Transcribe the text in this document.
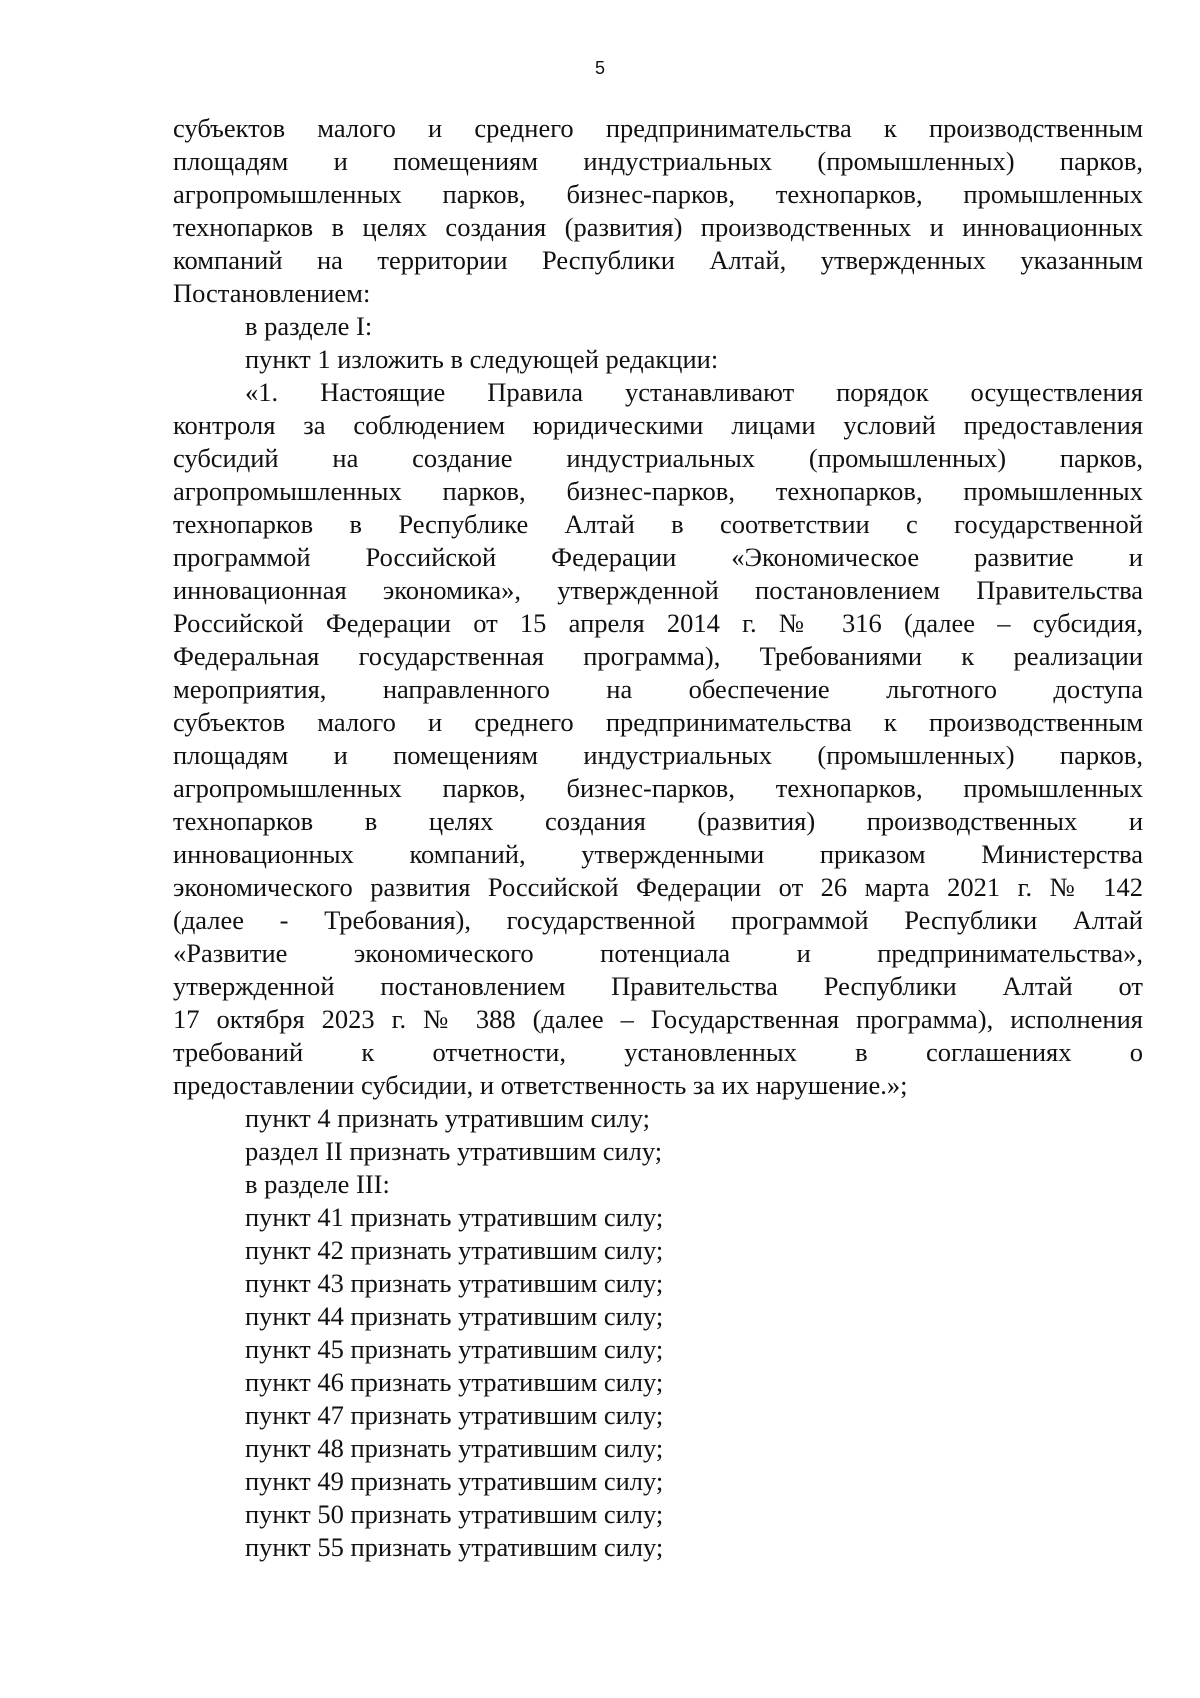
5
субъектов малого и среднего предпринимательства к производственным
площадям и помещениям индустриальных (промышленных) парков,
агропромышленных парков, бизнес-парков, технопарков, промышленных
технопарков в целях создания (развития) производственных и инновационных
компаний на территории Республики Алтай, утвержденных указанным
Постановлением:
в разделе I:
пункт 1 изложить в следующей редакции:
«1. Настоящие Правила устанавливают порядок осуществления
контроля за соблюдением юридическими лицами условий предоставления
субсидий на создание индустриальных (промышленных) парков,
агропромышленных парков, бизнес-парков, технопарков, промышленных
технопарков в Республике Алтай в соответствии с государственной
программой Российской Федерации «Экономическое развитие и
инновационная экономика», утвержденной постановлением Правительства
Российской Федерации от 15 апреля 2014 г. № 316 (далее – субсидия,
Федеральная государственная программа), Требованиями к реализации
мероприятия, направленного на обеспечение льготного доступа
субъектов малого и среднего предпринимательства к производственным
площадям и помещениям индустриальных (промышленных) парков,
агропромышленных парков, бизнес-парков, технопарков, промышленных
технопарков в целях создания (развития) производственных и
инновационных компаний, утвержденными приказом Министерства
экономического развития Российской Федерации от 26 марта 2021 г. № 142
(далее - Требования), государственной программой Республики Алтай
«Развитие экономического потенциала и предпринимательства»,
утвержденной постановлением Правительства Республики Алтай от
17 октября 2023 г. № 388 (далее – Государственная программа), исполнения
требований к отчетности, установленных в соглашениях о
предоставлении субсидии, и ответственность за их нарушение.»;
пункт 4 признать утратившим силу;
раздел II признать утратившим силу;
в разделе III:
пункт 41 признать утратившим силу;
пункт 42 признать утратившим силу;
пункт 43 признать утратившим силу;
пункт 44 признать утратившим силу;
пункт 45 признать утратившим силу;
пункт 46 признать утратившим силу;
пункт 47 признать утратившим силу;
пункт 48 признать утратившим силу;
пункт 49 признать утратившим силу;
пункт 50 признать утратившим силу;
пункт 55 признать утратившим силу;
